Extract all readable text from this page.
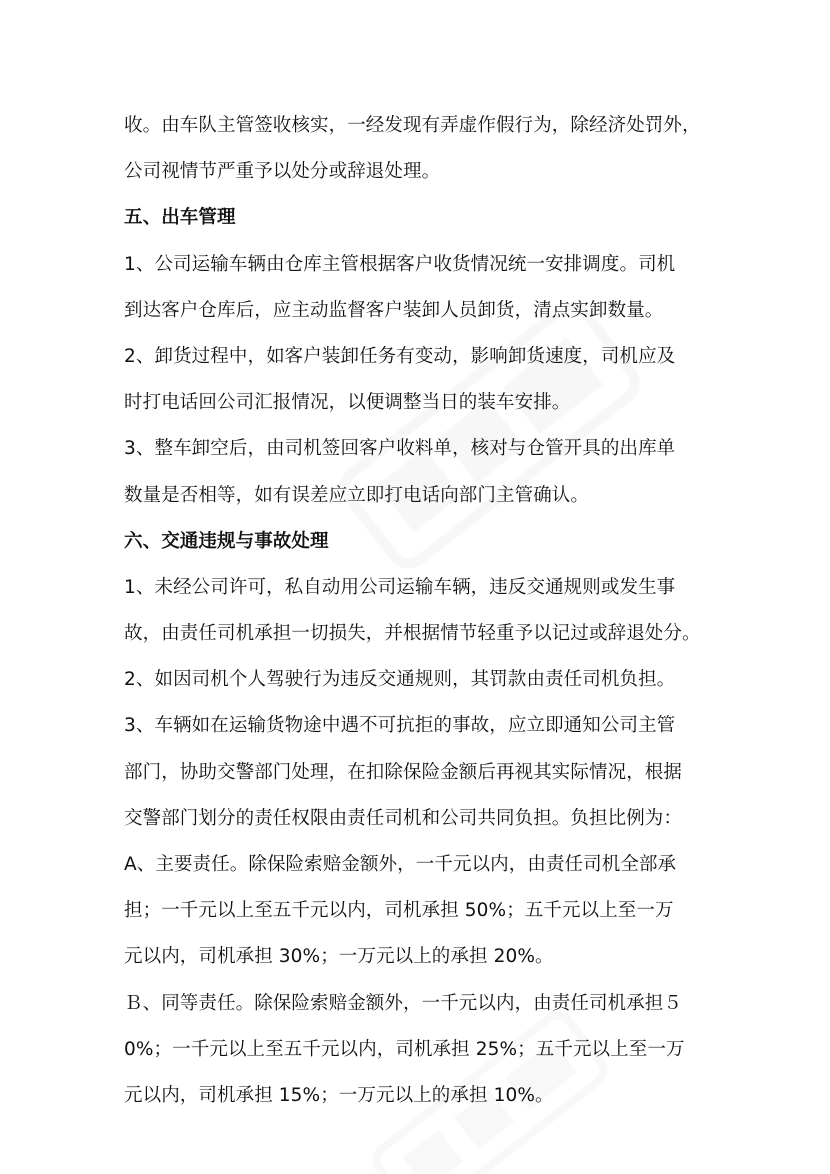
收。由车队主管签收核实，一经发现有弄虚作假行为，除经济处罚外，
公司视情节严重予以处分或辞退处理。
五、出车管理
1、公司运输车辆由仓库主管根据客户收货情况统一安排调度。司机
到达客户仓库后，应主动监督客户装卸人员卸货，清点实卸数量。
2、卸货过程中，如客户装卸任务有变动，影响卸货速度，司机应及
时打电话回公司汇报情况，以便调整当日的装车安排。
3、整车卸空后，由司机签回客户收料单，核对与仓管开具的出库单
数量是否相等，如有误差应立即打电话向部门主管确认。
六、交通违规与事故处理
1、未经公司许可，私自动用公司运输车辆，违反交通规则或发生事
故，由责任司机承担一切损失，并根据情节轻重予以记过或辞退处分。
2、如因司机个人驾驶行为违反交通规则，其罚款由责任司机负担。
3、车辆如在运输货物途中遇不可抗拒的事故，应立即通知公司主管
部门，协助交警部门处理，在扣除保险金额后再视其实际情况，根据
交警部门划分的责任权限由责任司机和公司共同负担。负担比例为：
A、主要责任。除保险索赔金额外，一千元以内，由责任司机全部承
担；一千元以上至五千元以内，司机承担 50%；五千元以上至一万
元以内，司机承担 30%；一万元以上的承担 20%。
Ｂ、同等责任。除保险索赔金额外，一千元以内，由责任司机承担５
0%；一千元以上至五千元以内，司机承担 25%；五千元以上至一万
元以内，司机承担 15%；一万元以上的承担 10%。
